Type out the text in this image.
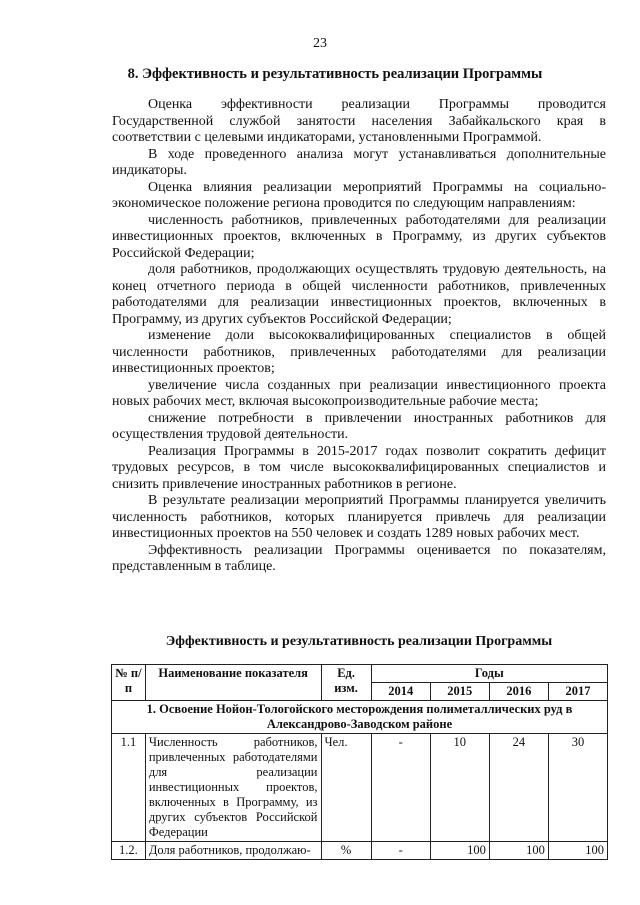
23
8. Эффективность и результативность реализации Программы

Оценка эффективности реализации Программы проводится Государственной службой занятости населения Забайкальского края в соответствии с целевыми индикаторами, установленными Программой.

В ходе проведенного анализа могут устанавливаться дополнительные индикаторы.

Оценка влияния реализации мероприятий Программы на социально-экономическое положение региона проводится по следующим направлениям:

численность работников, привлеченных работодателями для реализации инвестиционных проектов, включенных в Программу, из других субъектов Российской Федерации;

доля работников, продолжающих осуществлять трудовую деятельность, на конец отчетного периода в общей численности работников, привлеченных работодателями для реализации инвестиционных проектов, включенных в Программу, из других субъектов Российской Федерации;

изменение доли высококвалифицированных специалистов в общей численности работников, привлеченных работодателями для реализации инвестиционных проектов;

увеличение числа созданных при реализации инвестиционного проекта новых рабочих мест, включая высокопроизводительные рабочие места;

снижение потребности в привлечении иностранных работников для осуществления трудовой деятельности.

Реализация Программы в 2015-2017 годах позволит сократить дефицит трудовых ресурсов, в том числе высококвалифицированных специалистов и снизить привлечение иностранных работников в регионе.

В результате реализации мероприятий Программы планируется увеличить численность работников, которых планируется привлечь для реализации инвестиционных проектов на 550 человек и создать 1289 новых рабочих мест.

Эффективность реализации Программы оценивается по показателям, представленным в таблице.

Эффективность и результативность реализации Программы
№ п/п	Наименование показателя	Ед. изм.	Годы			
			2014	2015	2016	2017
1. Освоение Нойон-Тологойского месторождения полиметаллических руд в Александрово-Заводском районе						
1.1	Численность работников, привлеченных работодателями для реализации инвестиционных проектов, включенных в Программу, из других субъектов Российской Федерации	Чел.	-	10	24	30
1.2.	Доля работников, продолжаю-	%	-	100	100	100
